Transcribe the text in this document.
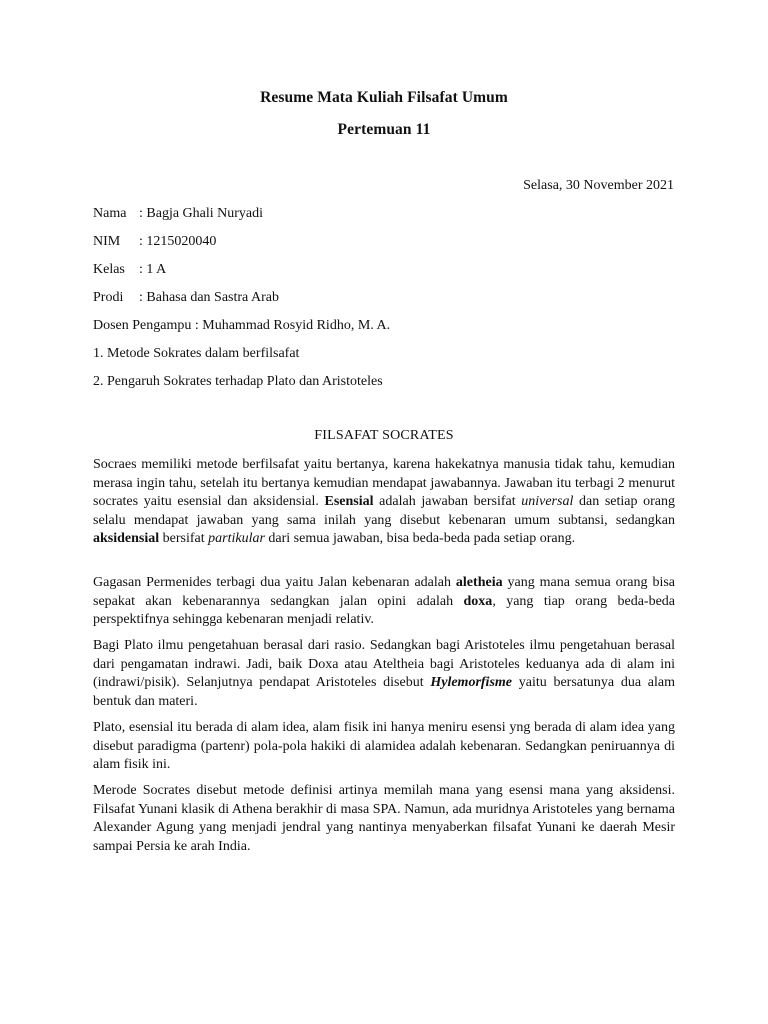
Resume Mata Kuliah Filsafat Umum
Pertemuan 11
Selasa, 30 November 2021
Nama : Bagja Ghali Nuryadi
NIM : 1215020040
Kelas : 1 A
Prodi : Bahasa dan Sastra Arab
Dosen Pengampu : Muhammad Rosyid Ridho, M. A.
1. Metode Sokrates dalam berfilsafat
2. Pengaruh Sokrates terhadap Plato dan Aristoteles
FILSAFAT SOCRATES
Socraes memiliki metode berfilsafat yaitu bertanya, karena hakekatnya manusia tidak tahu, kemudian merasa ingin tahu, setelah itu bertanya kemudian mendapat jawabannya. Jawaban itu terbagi 2 menurut socrates yaitu esensial dan aksidensial. Esensial adalah jawaban bersifat universal dan setiap orang selalu mendapat jawaban yang sama inilah yang disebut kebenaran umum subtansi, sedangkan aksidensial bersifat partikular dari semua jawaban, bisa beda-beda pada setiap orang.
Gagasan Permenides terbagi dua yaitu Jalan kebenaran adalah aletheia yang mana semua orang bisa sepakat akan kebenarannya sedangkan jalan opini adalah doxa, yang tiap orang beda-beda perspektifnya sehingga kebenaran menjadi relativ.
Bagi Plato ilmu pengetahuan berasal dari rasio. Sedangkan bagi Aristoteles ilmu pengetahuan berasal dari pengamatan indrawi. Jadi, baik Doxa atau Ateltheia bagi Aristoteles keduanya ada di alam ini (indrawi/pisik). Selanjutnya pendapat Aristoteles disebut Hylemorfisme yaitu bersatunya dua alam bentuk dan materi.
Plato, esensial itu berada di alam idea, alam fisik ini hanya meniru esensi yng berada di alam idea yang disebut paradigma (partenr) pola-pola hakiki di alamidea adalah kebenaran. Sedangkan peniruannya di alam fisik ini.
Merode Socrates disebut metode definisi artinya memilah mana yang esensi mana yang aksidensi. Filsafat Yunani klasik di Athena berakhir di masa SPA. Namun, ada muridnya Aristoteles yang bernama Alexander Agung yang menjadi jendral yang nantinya menyaberkan filsafat Yunani ke daerah Mesir sampai Persia ke arah India.
